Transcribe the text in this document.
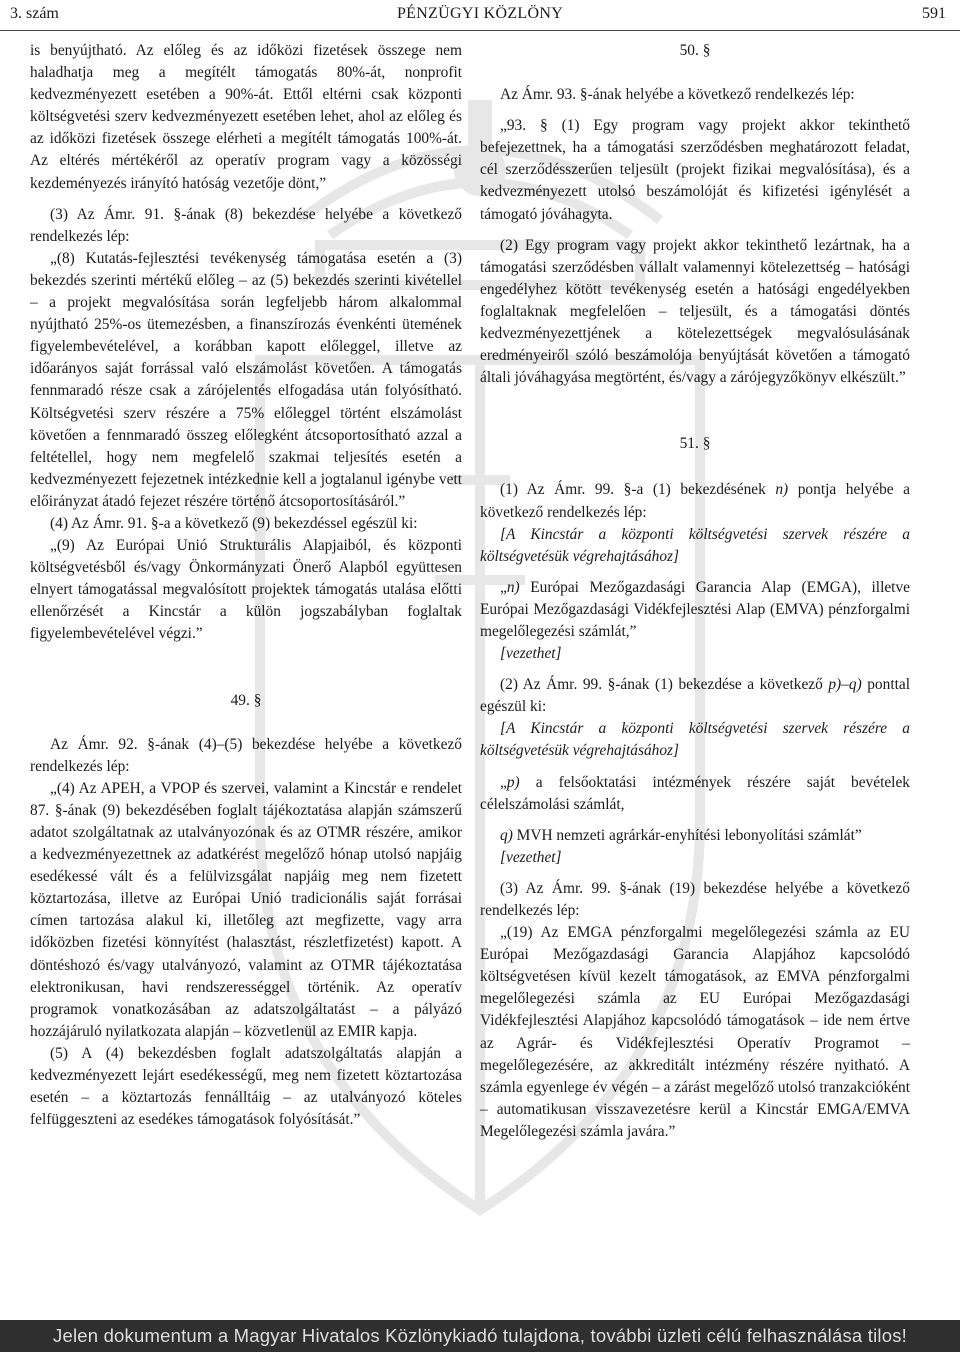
3. szám	PÉNZÜGYI KÖZLÖNY	591

is benyújtható. Az előleg és az időközi fizetések összege nem haladhatja meg a megítélt támogatás 80%-át, nonprofit kedvezményezett esetében a 90%-át. Ettől eltérni csak központi költségvetési szerv kedvezményezett esetében lehet, ahol az előleg és az időközi fizetések összege elérheti a megítélt támogatás 100%-át. Az eltérés mértékéről az operatív program vagy a közösségi kezdeményezés irányító hatóság vezetője dönt,”

(3) Az Ámr. 91. §-ának (8) bekezdése helyébe a következő rendelkezés lép:

„(8) Kutatás-fejlesztési tevékenység támogatása esetén a (3) bekezdés szerinti mértékű előleg – az (5) bekezdés szerinti kivétellel – a projekt megvalósítása során legfeljebb három alkalommal nyújtható 25%-os ütemezésben, a finanszírozás évenkénti ütemének figyelembevételével, a korábban kapott előleggel, illetve az időarányos saját forrással való elszámolást követően. A támogatás fennmaradó része csak a zárójelentés elfogadása után folyósítható. Költségvetési szerv részére a 75% előleggel történt elszámolást követően a fennmaradó összeg előlegként átcsoportosítható azzal a feltétellel, hogy nem megfelelő szakmai teljesítés esetén a kedvezményezett fejezetnek intézkednie kell a jogtalanul igénybe vett előirányzat átadó fejezet részére történő átcsoportosításáról.”

(4) Az Ámr. 91. §-a a következő (9) bekezdéssel egészül ki:

„(9) Az Európai Unió Strukturális Alapjaiból, és központi költségvetésből és/vagy Önkormányzati Önerő Alapból együttesen elnyert támogatással megvalósított projektek támogatás utalása előtti ellenőrzését a Kincstár a külön jogszabályban foglaltak figyelembevételével végzi.”

49. §

Az Ámr. 92. §-ának (4)–(5) bekezdése helyébe a következő rendelkezés lép:

„(4) Az APEH, a VPOP és szervei, valamint a Kincstár e rendelet 87. §-ának (9) bekezdésében foglalt tájékoztatása alapján számszerű adatot szolgáltatnak az utalványozónak és az OTMR részére, amikor a kedvezményezettnek az adatkérést megelőző hónap utolsó napjáig esedékessé vált és a felülvizsgálat napjáig meg nem fizetett köztartozása, illetve az Európai Unió tradicionális saját forrásai címen tartozása alakul ki, illetőleg azt megfizette, vagy arra időközben fizetési könnyítést (halasztást, részletfizetést) kapott. A döntéshozó és/vagy utalványozó, valamint az OTMR tájékoztatása elektronikusan, havi rendszerességgel történik. Az operatív programok vonatkozásában az adatszolgáltatást – a pályázó hozzájáruló nyilatkozata alapján – közvetlenül az EMIR kapja.

(5) A (4) bekezdésben foglalt adatszolgáltatás alapján a kedvezményezett lejárt esedékességű, meg nem fizetett köztartozása esetén – a köztartozás fennálltáig – az utalványozó köteles felfüggeszteni az esedékes támogatások folyósítását.”

50. §

Az Ámr. 93. §-ának helyébe a következő rendelkezés lép:

„93. § (1) Egy program vagy projekt akkor tekinthető befejezettnek, ha a támogatási szerződésben meghatározott feladat, cél szerződésszerűen teljesült (projekt fizikai megvalósítása), és a kedvezményezett utolsó beszámolóját és kifizetési igénylését a támogató jóváhagyta.

(2) Egy program vagy projekt akkor tekinthető lezártnak, ha a támogatási szerződésben vállalt valamennyi kötelezettség – hatósági engedélyhez kötött tevékenység esetén a hatósági engedélyekben foglaltaknak megfelelően – teljesült, és a támogatási döntés kedvezményezettjének a kötelezettségek megvalósulásának eredményeiről szóló beszámolója benyújtását követően a támogató általi jóváhagyása megtörtént, és/vagy a zárójegyzőkönyv elkészült.”

51. §

(1) Az Ámr. 99. §-a (1) bekezdésének n) pontja helyébe a következő rendelkezés lép:

[A Kincstár a központi költségvetési szervek részére a költségvetésük végrehajtásához]

„n) Európai Mezőgazdasági Garancia Alap (EMGA), illetve Európai Mezőgazdasági Vidékfejlesztési Alap (EMVA) pénzforgalmi megelőlegezési számlát,”

[vezethet]

(2) Az Ámr. 99. §-ának (1) bekezdése a következő p)–q) ponttal egészül ki:

[A Kincstár a központi költségvetési szervek részére a költségvetésük végrehajtásához]

„p) a felsőoktatási intézmények részére saját bevételek célelszámolási számlát,

q) MVH nemzeti agrárkár-enyhítési lebonyolítási számlát”

[vezethet]

(3) Az Ámr. 99. §-ának (19) bekezdése helyébe a következő rendelkezés lép:

„(19) Az EMGA pénzforgalmi megelőlegezési számla az EU Európai Mezőgazdasági Garancia Alapjához kapcsolódó költségvetésen kívül kezelt támogatások, az EMVA pénzforgalmi megelőlegezési számla az EU Európai Mezőgazdasági Vidékfejlesztési Alapjához kapcsolódó támogatások – ide nem értve az Agrár- és Vidékfejlesztési Operatív Programot – megelőlegezésére, az akkreditált intézmény részére nyitható. A számla egyenlege év végén – a zárást megelőző utolsó tranzakcióként – automatikusan visszavezetésre kerül a Kincstár EMGA/EMVA Megelőlegezési számla javára.”

Jelen dokumentum a Magyar Hivatalos Közlönykiadó tulajdona, további üzleti célú felhasználása tilos!
